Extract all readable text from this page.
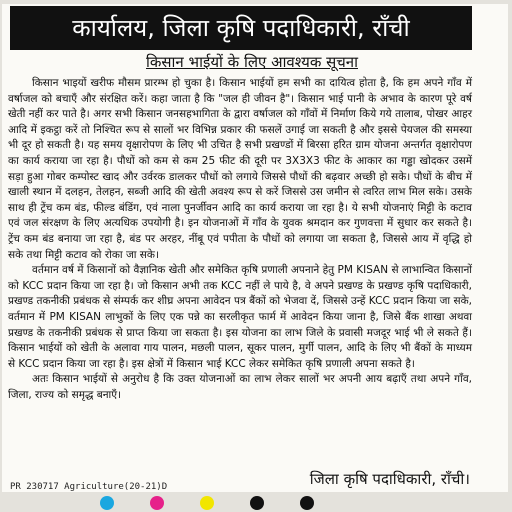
कार्यालय, जिला कृषि पदाधिकारी, राँची
किसान भाईयों के लिए आवश्यक सूचना

किसान भाइयों खरीफ मौसम प्रारम्भ हो चुका है। किसान भाईयों हम सभी का दायित्व होता है, कि हम अपने गाँव में वर्षाजल को बचाएँ और संरक्षित करें। कहा जाता है कि "जल ही जीवन है"। किसान भाई पानी के अभाव के कारण पूरे वर्ष खेती नहीं कर पाते है। अगर सभी किसान जनसहभागिता के द्वारा वर्षाजल को गाँवों में निर्माण किये गये ताल‍ाब, पोखर आहर आदि में इकट्ठा करें तो निश्चित रूप से सालों भर विभिन्न प्रकार की फसलें उगाई जा सकती है और इससे पेयजल की समस्या भी दूर हो सकती है। यह समय वृक्षारोपण के लिए भी उचित है सभी प्रखण्डों में बिरसा हरित ग्राम योजना अन्तर्गत वृक्षारोपण का कार्य कराया जा रहा है। पौधों को कम से कम 25 फीट की दूरी पर 3X3X3 फीट के आकार का गड्ढा खोदकर उसमें सड़ा हुआ गोबर कम्पोस्ट खाद और उर्वरक डालकर पौधों को लगाये जिससे पौधों की बढ़वार अच्छी हो सके। पौधों के बीच में खाली स्थान में दलहन, तेलहन, सब्जी आदि की खेती अवश्य रूप से करें जिससे उस जमीन से त्वरित लाभ मिल सके। उसके साथ ही ट्रेंच कम बंड, फील्ड बंडिंग, एवं नाला पुनर्जीवन आदि का कार्य कराया जा रहा है। ये सभी योजनाएं मिट्टी के कटाव एवं जल संरक्षण के लिए अत्यधिक उपयोगी है। इन योजनाओं में गाँव के युवक श्रमदान कर गुणवत्ता में सुधार कर सकते है। ट्रेंच कम बंड बनाया जा रहा है, बंड पर अरहर, नींबू एवं पपीता के पौधों को लगाया जा सकता है, जिससे आय में वृद्धि हो सके तथा मिट्टी कटाव को रोका जा सके।

वर्तमान वर्ष में किसानों को वैज्ञानिक खेती और समेकित कृषि प्रणाली अपनाने हेतु PM KISAN से लाभान्वित किसानों को KCC प्रदान किया जा रहा है। जो किसान अभी तक KCC नहीं ले पाये है, वे अपने प्रखण्ड के प्रखण्ड कृषि पदाधिकारी, प्रखण्ड तकनीकी प्रबंधक से संम्पर्क कर शीघ्र अपना आवेदन पत्र बैंकों को भेजवा दें, जिससे उन्हें KCC प्रदान किया जा सके, वर्तमान में PM KISAN लाभुकों के लिए एक पन्ने का सरलीकृत फार्म में आवेदन किया जाना है, जिसे बैंक शाखा अथवा प्रखण्ड के तकनीकी प्रबंधक से प्राप्त किया जा सकता है। इस योजना का लाभ जिले के प्रवासी मजदूर भाई भी ले सकते हैं। किसान भाईयों को खेती के अलावा गाय पालन, मछली पालन, सूकर पालन, मुर्गी पालन, आदि के लिए भी बैंकों के माध्यम से KCC प्रदान किया जा रहा है। इस क्षेत्रों में किसान भाई KCC लेकर समेकित कृषि प्रणाली अपना सकते है।

अतः किसान भाईयों से अनुरोध है कि उक्त योजनाओं का लाभ लेकर सालों भर अपनी आय बढ़ाएँ तथा अपने गाँव, जिला, राज्य को समृद्ध बनाएँ।

जिला कृषि पदाधिकारी, राँची।
PR 230717 Agriculture(20-21)D
